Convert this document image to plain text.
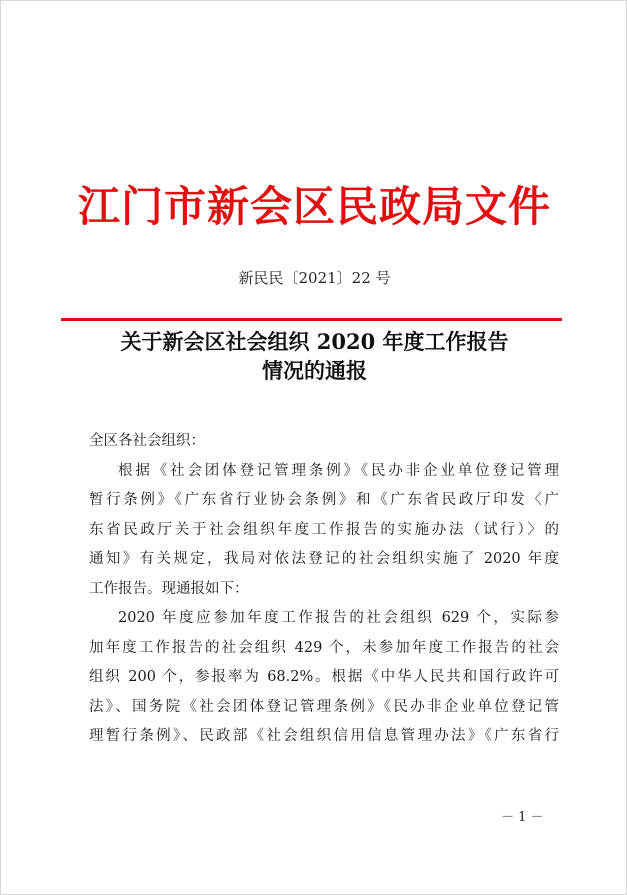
江门市新会区民政局文件
新民民〔2021〕22 号
关于新会区社会组织 2020 年度工作报告
情况的通报
全区各社会组织：
根据《社会团体登记管理条例》《民办非企业单位登记管理
暂行条例》《广东省行业协会条例》和《广东省民政厅印发〈广
东省民政厅关于社会组织年度工作报告的实施办法（试行）〉的
通知》有关规定，我局对依法登记的社会组织实施了 2020 年度
工作报告。现通报如下：
2020 年度应参加年度工作报告的社会组织 629 个，实际参
加年度工作报告的社会组织 429 个，未参加年度工作报告的社会
组织 200 个，参报率为 68.2%。根据《中华人民共和国行政许可
法》、国务院《社会团体登记管理条例》《民办非企业单位登记管
理暂行条例》、民政部《社会组织信用信息管理办法》《广东省行
－ 1 －
